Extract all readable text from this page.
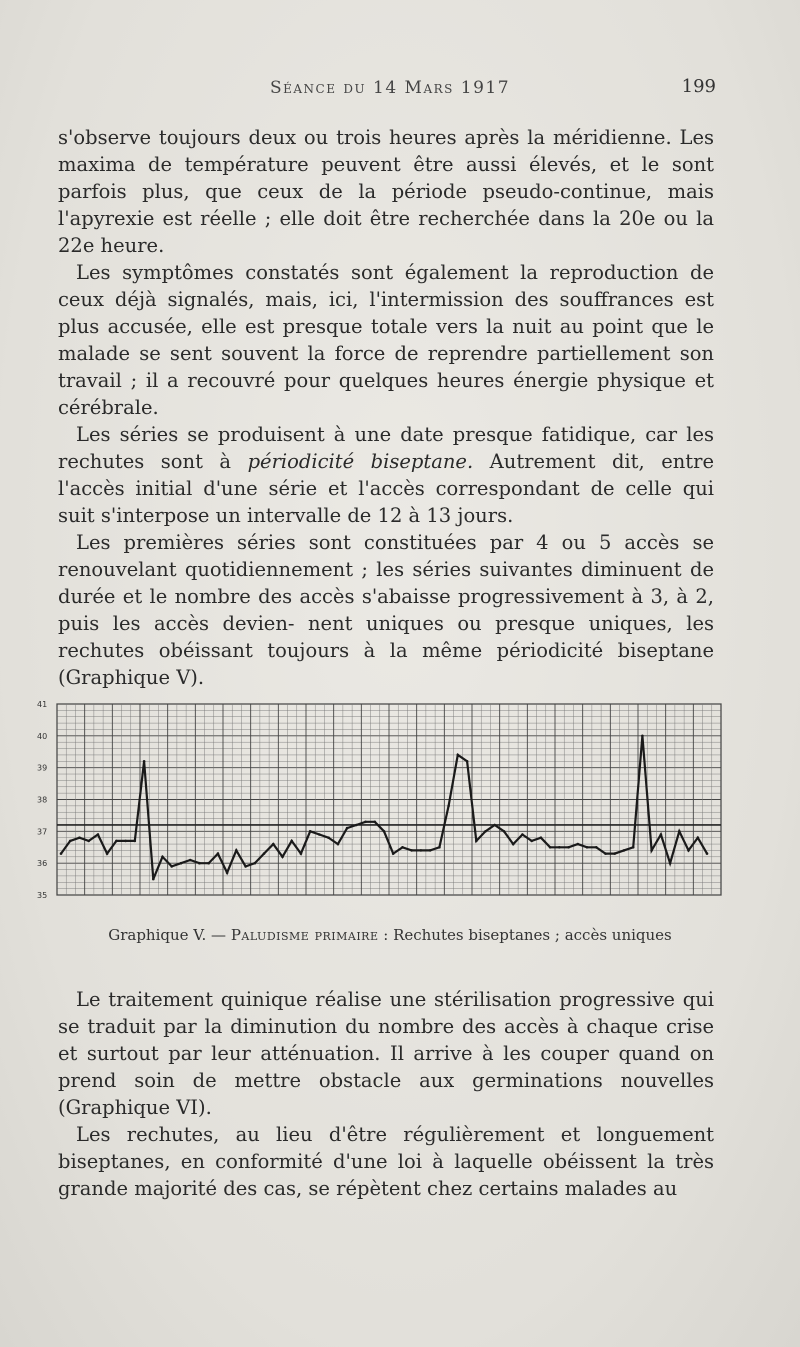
Séance du 14 Mars 1917	199

s'observe toujours deux ou trois heures après la méridienne. Les maxima de température peuvent être aussi élevés, et le sont parfois plus, que ceux de la période pseudo-continue, mais l'apyrexie est réelle ; elle doit être recherchée dans la 20e ou la 22e heure.

Les symptômes constatés sont également la reproduction de ceux déjà signalés, mais, ici, l'intermission des souffrances est plus accusée, elle est presque totale vers la nuit au point que le malade se sent souvent la force de reprendre partiellement son travail ; il a recouvré pour quelques heures énergie physique et cérébrale.

Les séries se produisent à une date presque fatidique, car les rechutes sont à périodicité biseptane. Autrement dit, entre l'accès initial d'une série et l'accès correspondant de celle qui suit s'interpose un intervalle de 12 à 13 jours.

Les premières séries sont constituées par 4 ou 5 accès se renouvelant quotidiennement ; les séries suivantes diminuent de durée et le nombre des accès s'abaisse progressivement à 3, à 2, puis les accès devien- nent uniques ou presque uniques, les rechutes obéissant toujours à la même périodicité biseptane (Graphique V).

41
40
39
38
37
36
35
Graphique V. — Paludisme primaire : Rechutes biseptanes ; accès uniques

Le traitement quinique réalise une stérilisation progressive qui se traduit par la diminution du nombre des accès à chaque crise et surtout par leur atténuation. Il arrive à les couper quand on prend soin de mettre obstacle aux germinations nouvelles (Graphique VI).

Les rechutes, au lieu d'être régulièrement et longuement biseptanes, en conformité d'une loi à laquelle obéissent la très grande majorité des cas, se répètent chez certains malades au
